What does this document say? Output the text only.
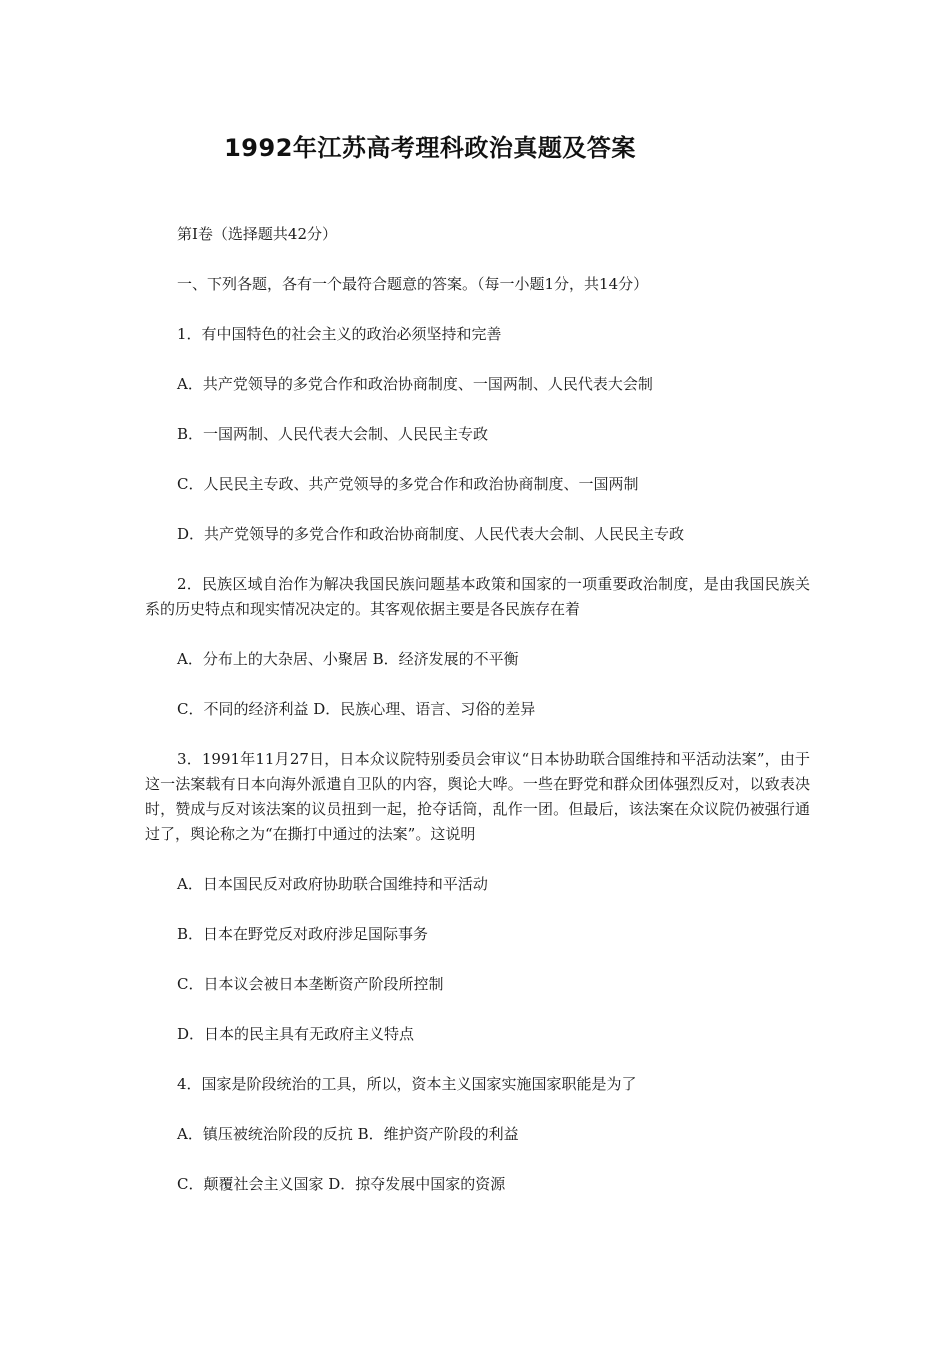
1992年江苏高考理科政治真题及答案

第Ⅰ卷（选择题共42分）

一、下列各题，各有一个最符合题意的答案。（每一小题1分，共14分）

1．有中国特色的社会主义的政治必须坚持和完善

A．共产党领导的多党合作和政治协商制度、一国两制、人民代表大会制

B．一国两制、人民代表大会制、人民民主专政

C．人民民主专政、共产党领导的多党合作和政治协商制度、一国两制

D．共产党领导的多党合作和政治协商制度、人民代表大会制、人民民主专政

2．民族区域自治作为解决我国民族问题基本政策和国家的一项重要政治制度，是由我国民族关系的历史特点和现实情况决定的。其客观依据主要是各民族存在着

A．分布上的大杂居、小聚居 B．经济发展的不平衡

C．不同的经济利益 D．民族心理、语言、习俗的差异

3．1991年11月27日，日本众议院特别委员会审议“日本协助联合国维持和平活动法案”，由于这一法案载有日本向海外派遣自卫队的内容，舆论大哗。一些在野党和群众团体强烈反对，以致表决时，赞成与反对该法案的议员扭到一起，抢夺话筒，乱作一团。但最后，该法案在众议院仍被强行通过了，舆论称之为“在撕打中通过的法案”。这说明

A．日本国民反对政府协助联合国维持和平活动

B．日本在野党反对政府涉足国际事务

C．日本议会被日本垄断资产阶段所控制

D．日本的民主具有无政府主义特点

4．国家是阶段统治的工具，所以，资本主义国家实施国家职能是为了

A．镇压被统治阶段的反抗 B．维护资产阶段的利益

C．颠覆社会主义国家 D．掠夺发展中国家的资源
